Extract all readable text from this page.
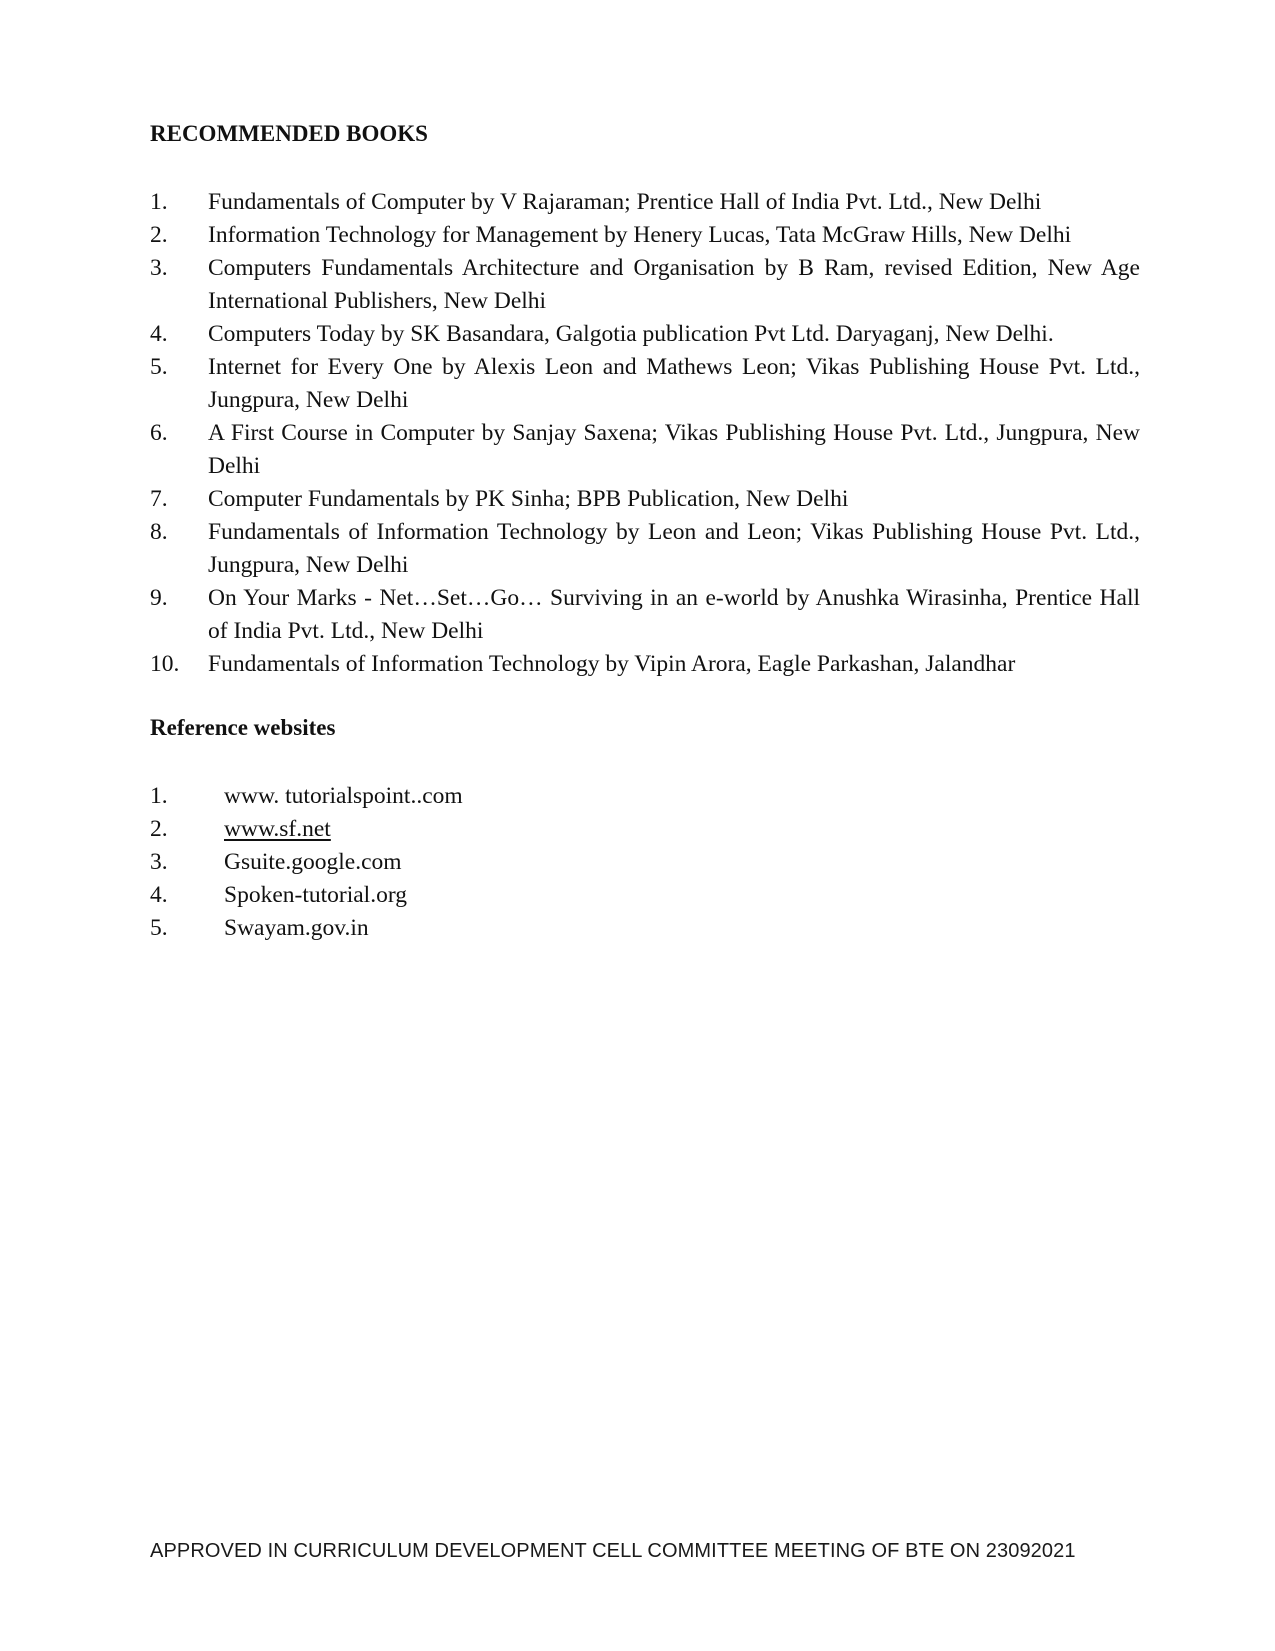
RECOMMENDED BOOKS
1.	Fundamentals of Computer by V Rajaraman; Prentice Hall of India Pvt. Ltd., New Delhi
2.	Information Technology for Management by Henery Lucas, Tata McGraw Hills, New Delhi
3.	Computers Fundamentals Architecture and Organisation by B Ram, revised Edition, New Age International Publishers, New Delhi
4.	Computers Today by SK Basandara, Galgotia publication Pvt Ltd. Daryaganj, New Delhi.
5.	Internet for Every One by Alexis Leon and Mathews Leon; Vikas Publishing House Pvt. Ltd., Jungpura, New Delhi
6.	A First Course in Computer by Sanjay Saxena; Vikas Publishing House Pvt. Ltd., Jungpura, New Delhi
7.	Computer Fundamentals by PK Sinha; BPB Publication, New Delhi
8.	Fundamentals of Information Technology by Leon and Leon; Vikas Publishing House Pvt. Ltd., Jungpura, New Delhi
9.	On Your Marks - Net…Set…Go… Surviving in an e-world by Anushka Wirasinha, Prentice Hall of India Pvt. Ltd., New Delhi
10.	Fundamentals of Information Technology by Vipin Arora, Eagle Parkashan, Jalandhar
Reference websites
1.	www. tutorialspoint..com
2.	www.sf.net
3.	Gsuite.google.com
4.	Spoken-tutorial.org
5.	Swayam.gov.in
APPROVED IN CURRICULUM DEVELOPMENT CELL COMMITTEE MEETING OF BTE ON 23092021
